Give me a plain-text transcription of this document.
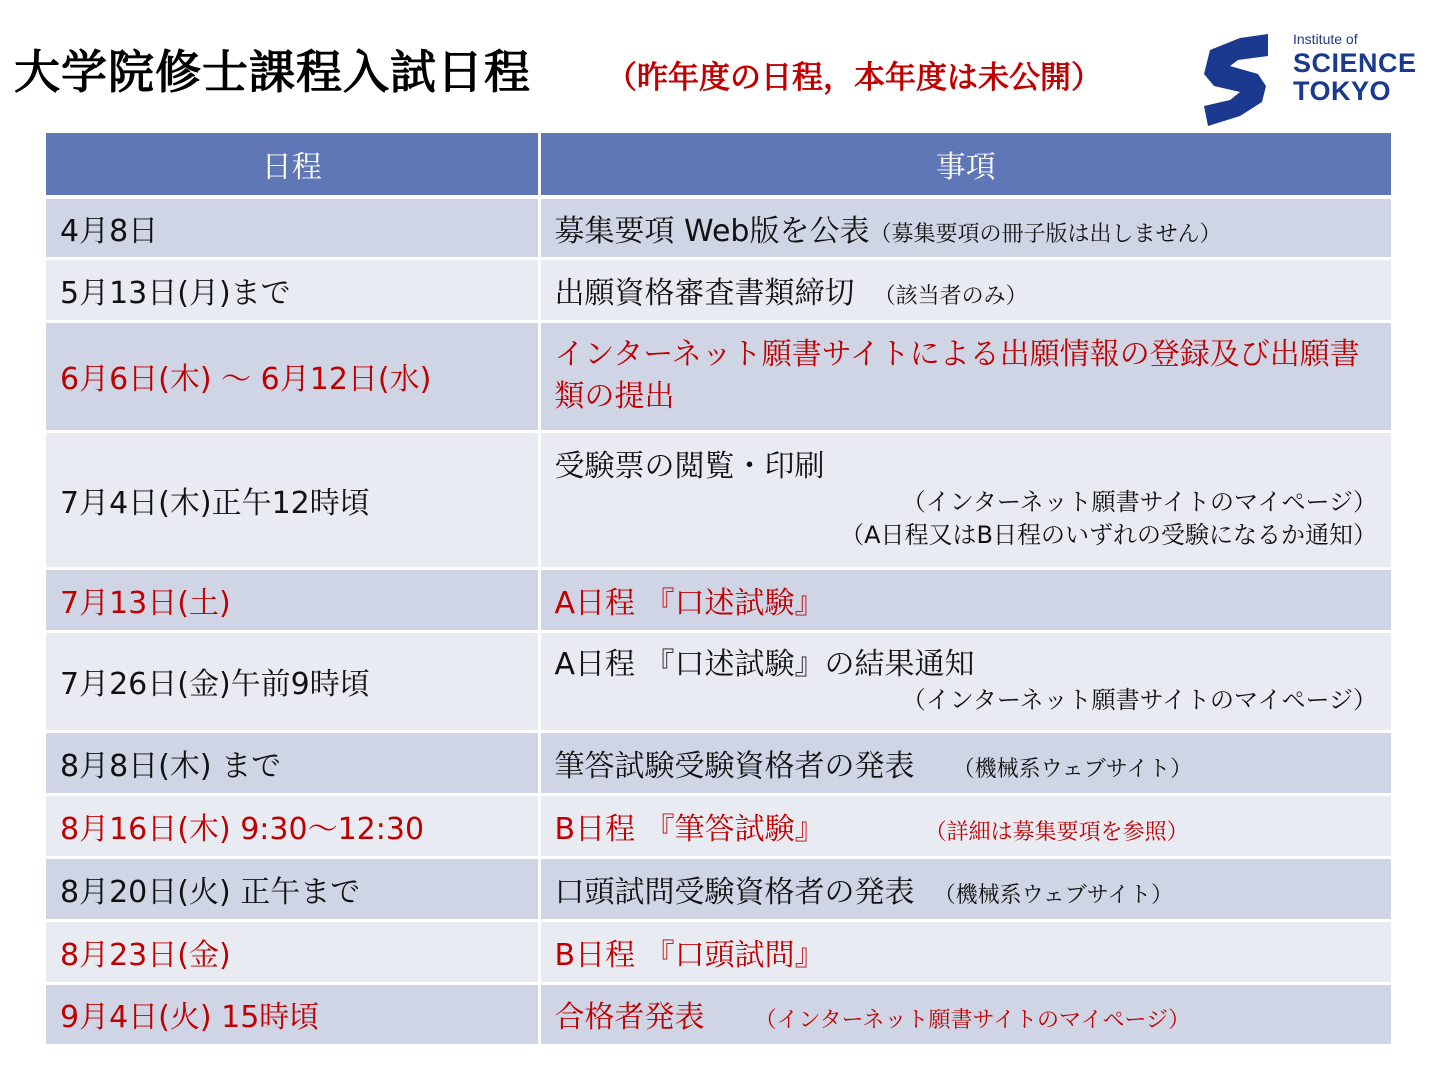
大学院修士課程入試日程 （昨年度の日程，本年度は未公開）
Institute of
SCIENCE
TOKYO
日程	事項
4月8日	募集要項 Web版を公表（募集要項の冊子版は出しません）
5月13日(月)まで	出願資格審査書類締切 （該当者のみ）
6月6日(木) ～ 6月12日(水)	インターネット願書サイトによる出願情報の登録及び出願書類の提出
7月4日(木)正午12時頃	受験票の閲覧・印刷
（インターネット願書サイトのマイページ）
（A日程又はB日程のいずれの受験になるか通知）

7月13日(土)	A日程 『口述試験』
7月26日(金)午前9時頃	A日程 『口述試験』の結果通知
（インターネット願書サイトのマイページ）

8月8日(木) まで	筆答試験受験資格者の発表 （機械系ウェブサイト）
8月16日(木) 9:30～12:30	B日程 『筆答試験』 （詳細は募集要項を参照）
8月20日(火) 正午まで	口頭試問受験資格者の発表 （機械系ウェブサイト）
8月23日(金)	B日程 『口頭試問』
9月4日(火) 15時頃	合格者発表 （インターネット願書サイトのマイページ）
